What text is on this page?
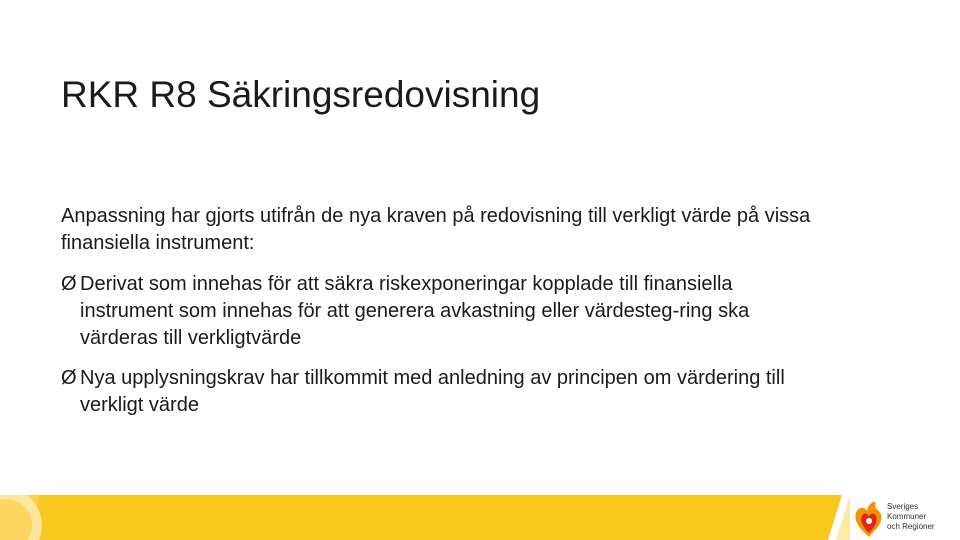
RKR R8 Säkringsredovisning

Anpassning har gjorts utifrån de nya kraven på redovisning till verkligt värde på vissa finansiella instrument:

Ø Derivat som innehas för att säkra riskexponeringar kopplade till finansiella instrument som innehas för att generera avkastning eller värdesteg-ring ska värderas till verkligtvärde

Ø Nya upplysningskrav har tillkommit med anledning av principen om värdering till verkligt värde

Sveriges
Kommuner
och Regioner
